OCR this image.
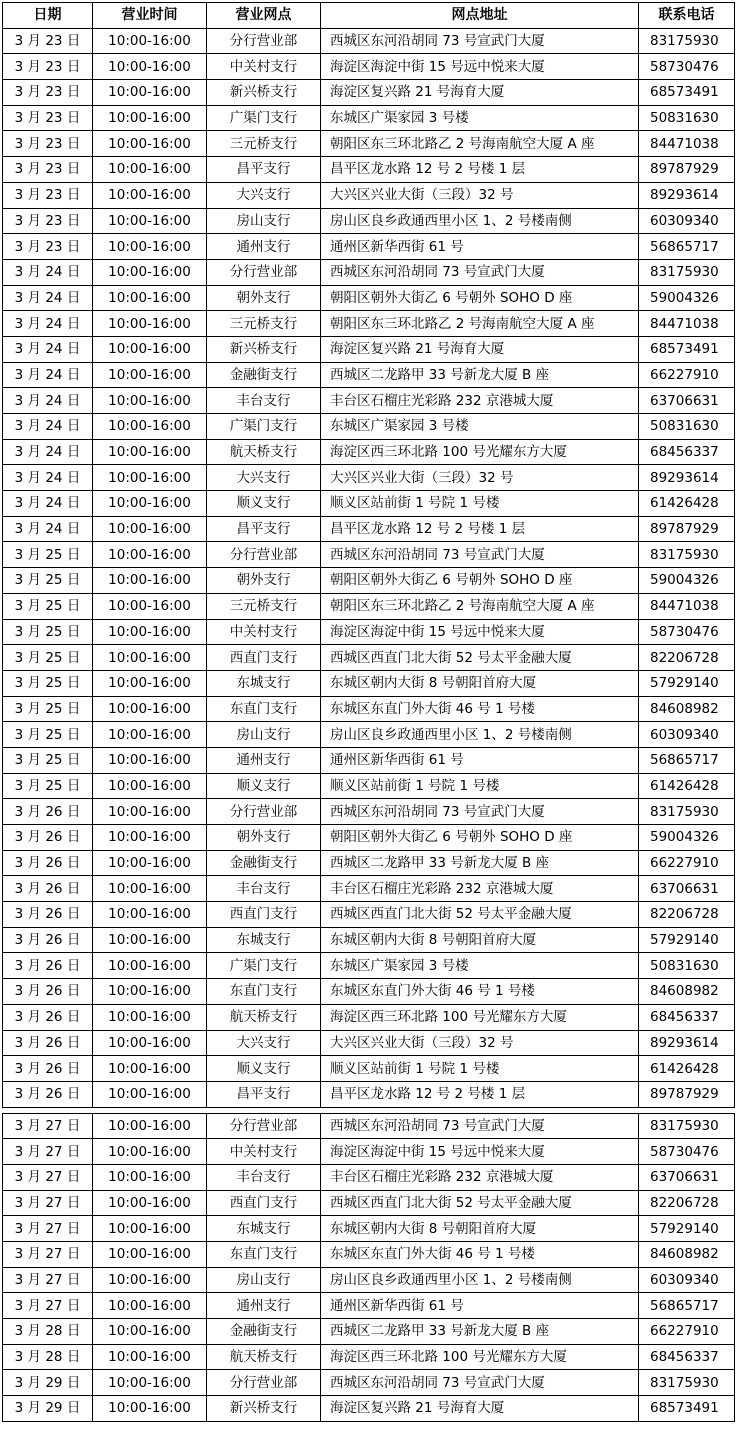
日期	营业时间	营业网点	网点地址	联系电话
3 月 23 日	10:00-16:00	分行营业部	西城区东河沿胡同 73 号宣武门大厦	83175930
3 月 23 日	10:00-16:00	中关村支行	海淀区海淀中街 15 号远中悦来大厦	58730476
3 月 23 日	10:00-16:00	新兴桥支行	海淀区复兴路 21 号海育大厦	68573491
3 月 23 日	10:00-16:00	广渠门支行	东城区广渠家园 3 号楼	50831630
3 月 23 日	10:00-16:00	三元桥支行	朝阳区东三环北路乙 2 号海南航空大厦 A 座	84471038
3 月 23 日	10:00-16:00	昌平支行	昌平区龙水路 12 号 2 号楼 1 层	89787929
3 月 23 日	10:00-16:00	大兴支行	大兴区兴业大街（三段）32 号	89293614
3 月 23 日	10:00-16:00	房山支行	房山区良乡政通西里小区 1、2 号楼南侧	60309340
3 月 23 日	10:00-16:00	通州支行	通州区新华西街 61 号	56865717
3 月 24 日	10:00-16:00	分行营业部	西城区东河沿胡同 73 号宣武门大厦	83175930
3 月 24 日	10:00-16:00	朝外支行	朝阳区朝外大街乙 6 号朝外 SOHO D 座	59004326
3 月 24 日	10:00-16:00	三元桥支行	朝阳区东三环北路乙 2 号海南航空大厦 A 座	84471038
3 月 24 日	10:00-16:00	新兴桥支行	海淀区复兴路 21 号海育大厦	68573491
3 月 24 日	10:00-16:00	金融街支行	西城区二龙路甲 33 号新龙大厦 B 座	66227910
3 月 24 日	10:00-16:00	丰台支行	丰台区石榴庄光彩路 232 京港城大厦	63706631
3 月 24 日	10:00-16:00	广渠门支行	东城区广渠家园 3 号楼	50831630
3 月 24 日	10:00-16:00	航天桥支行	海淀区西三环北路 100 号光耀东方大厦	68456337
3 月 24 日	10:00-16:00	大兴支行	大兴区兴业大街（三段）32 号	89293614
3 月 24 日	10:00-16:00	顺义支行	顺义区站前街 1 号院 1 号楼	61426428
3 月 24 日	10:00-16:00	昌平支行	昌平区龙水路 12 号 2 号楼 1 层	89787929
3 月 25 日	10:00-16:00	分行营业部	西城区东河沿胡同 73 号宣武门大厦	83175930
3 月 25 日	10:00-16:00	朝外支行	朝阳区朝外大街乙 6 号朝外 SOHO D 座	59004326
3 月 25 日	10:00-16:00	三元桥支行	朝阳区东三环北路乙 2 号海南航空大厦 A 座	84471038
3 月 25 日	10:00-16:00	中关村支行	海淀区海淀中街 15 号远中悦来大厦	58730476
3 月 25 日	10:00-16:00	西直门支行	西城区西直门北大街 52 号太平金融大厦	82206728
3 月 25 日	10:00-16:00	东城支行	东城区朝内大街 8 号朝阳首府大厦	57929140
3 月 25 日	10:00-16:00	东直门支行	东城区东直门外大街 46 号 1 号楼	84608982
3 月 25 日	10:00-16:00	房山支行	房山区良乡政通西里小区 1、2 号楼南侧	60309340
3 月 25 日	10:00-16:00	通州支行	通州区新华西街 61 号	56865717
3 月 25 日	10:00-16:00	顺义支行	顺义区站前街 1 号院 1 号楼	61426428
3 月 26 日	10:00-16:00	分行营业部	西城区东河沿胡同 73 号宣武门大厦	83175930
3 月 26 日	10:00-16:00	朝外支行	朝阳区朝外大街乙 6 号朝外 SOHO D 座	59004326
3 月 26 日	10:00-16:00	金融街支行	西城区二龙路甲 33 号新龙大厦 B 座	66227910
3 月 26 日	10:00-16:00	丰台支行	丰台区石榴庄光彩路 232 京港城大厦	63706631
3 月 26 日	10:00-16:00	西直门支行	西城区西直门北大街 52 号太平金融大厦	82206728
3 月 26 日	10:00-16:00	东城支行	东城区朝内大街 8 号朝阳首府大厦	57929140
3 月 26 日	10:00-16:00	广渠门支行	东城区广渠家园 3 号楼	50831630
3 月 26 日	10:00-16:00	东直门支行	东城区东直门外大街 46 号 1 号楼	84608982
3 月 26 日	10:00-16:00	航天桥支行	海淀区西三环北路 100 号光耀东方大厦	68456337
3 月 26 日	10:00-16:00	大兴支行	大兴区兴业大街（三段）32 号	89293614
3 月 26 日	10:00-16:00	顺义支行	顺义区站前街 1 号院 1 号楼	61426428
3 月 26 日	10:00-16:00	昌平支行	昌平区龙水路 12 号 2 号楼 1 层	89787929

3 月 27 日	10:00-16:00	分行营业部	西城区东河沿胡同 73 号宣武门大厦	83175930
3 月 27 日	10:00-16:00	中关村支行	海淀区海淀中街 15 号远中悦来大厦	58730476
3 月 27 日	10:00-16:00	丰台支行	丰台区石榴庄光彩路 232 京港城大厦	63706631
3 月 27 日	10:00-16:00	西直门支行	西城区西直门北大街 52 号太平金融大厦	82206728
3 月 27 日	10:00-16:00	东城支行	东城区朝内大街 8 号朝阳首府大厦	57929140
3 月 27 日	10:00-16:00	东直门支行	东城区东直门外大街 46 号 1 号楼	84608982
3 月 27 日	10:00-16:00	房山支行	房山区良乡政通西里小区 1、2 号楼南侧	60309340
3 月 27 日	10:00-16:00	通州支行	通州区新华西街 61 号	56865717
3 月 28 日	10:00-16:00	金融街支行	西城区二龙路甲 33 号新龙大厦 B 座	66227910
3 月 28 日	10:00-16:00	航天桥支行	海淀区西三环北路 100 号光耀东方大厦	68456337
3 月 29 日	10:00-16:00	分行营业部	西城区东河沿胡同 73 号宣武门大厦	83175930
3 月 29 日	10:00-16:00	新兴桥支行	海淀区复兴路 21 号海育大厦	68573491
